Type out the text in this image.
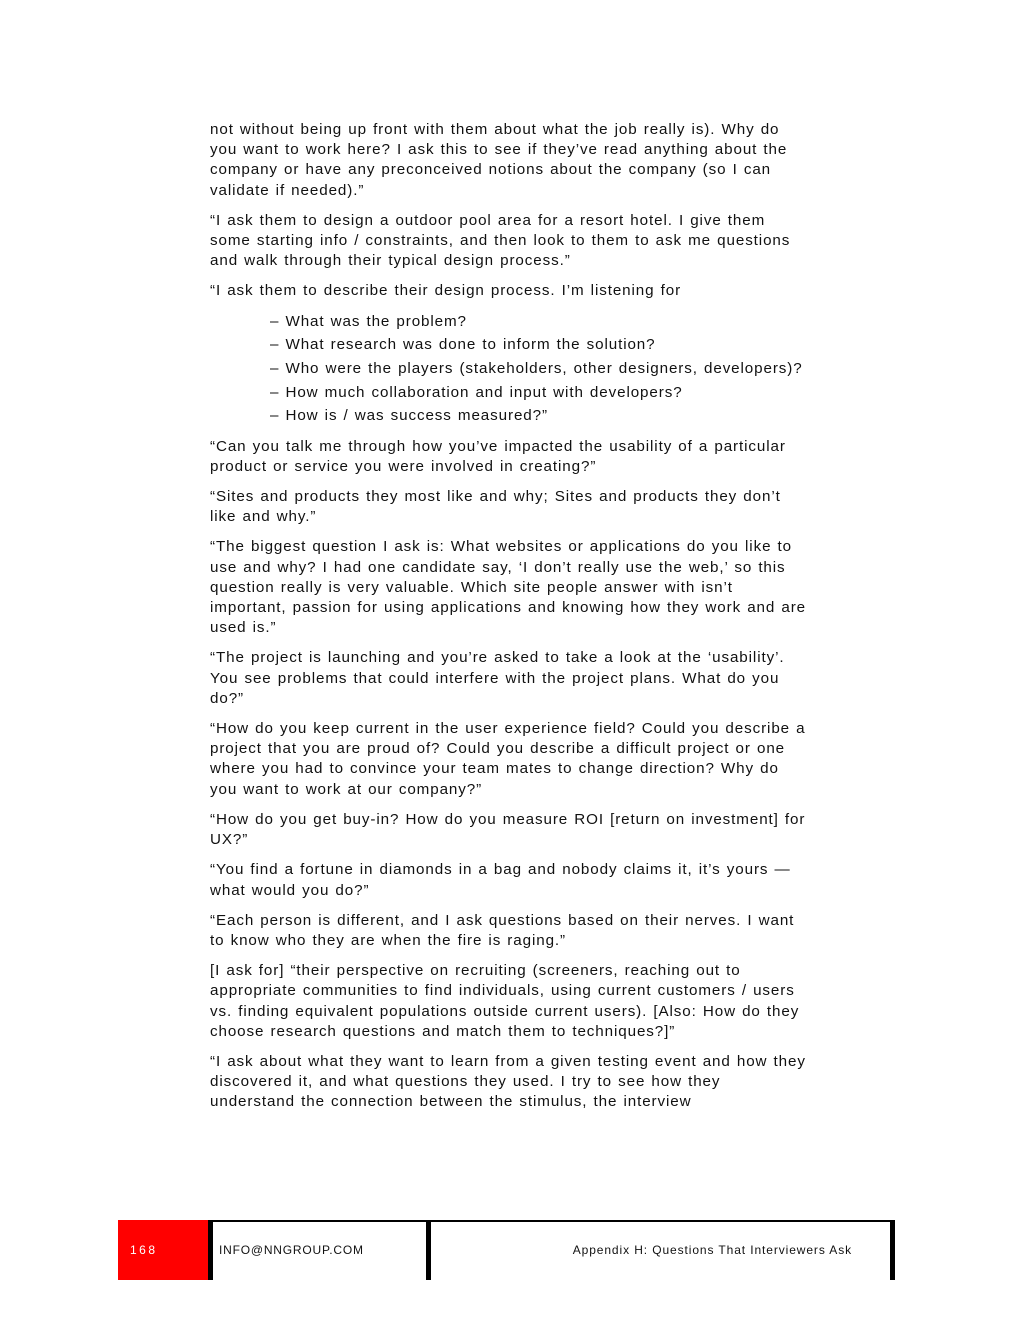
not without being up front with them about what the job really is). Why do you want to work here? I ask this to see if they’ve read anything about the company or have any preconceived notions about the company (so I can validate if needed).”

“I ask them to design a outdoor pool area for a resort hotel. I give them some starting info / constraints, and then look to them to ask me questions and walk through their typical design process.”

“I ask them to describe their design process. I’m listening for

– What was the problem?
– What research was done to inform the solution?
– Who were the players (stakeholders, other designers, developers)?
– How much collaboration and input with developers?
– How is / was success measured?”

“Can you talk me through how you’ve impacted the usability of a particular product or service you were involved in creating?”

“Sites and products they most like and why; Sites and products they don’t like and why.”

“The biggest question I ask is: What websites or applications do you like to use and why? I had one candidate say, ‘I don’t really use the web,’ so this question really is very valuable. Which site people answer with isn’t important, passion for using applications and knowing how they work and are used is.”

“The project is launching and you’re asked to take a look at the ‘usability’. You see problems that could interfere with the project plans. What do you do?”

“How do you keep current in the user experience field? Could you describe a project that you are proud of? Could you describe a difficult project or one where you had to convince your team mates to change direction? Why do you want to work at our company?”

“How do you get buy-in? How do you measure ROI [return on investment] for UX?”

“You find a fortune in diamonds in a bag and nobody claims it, it’s yours — what would you do?”

“Each person is different, and I ask questions based on their nerves. I want to know who they are when the fire is raging.”

[I ask for] “their perspective on recruiting (screeners, reaching out to appropriate communities to find individuals, using current customers / users vs. finding equivalent populations outside current users). [Also: How do they choose research questions and match them to techniques?]”

“I ask about what they want to learn from a given testing event and how they discovered it, and what questions they used. I try to see how they understand the connection between the stimulus, the interview

168	INFO@NNGROUP.COM	Appendix H: Questions That Interviewers Ask
